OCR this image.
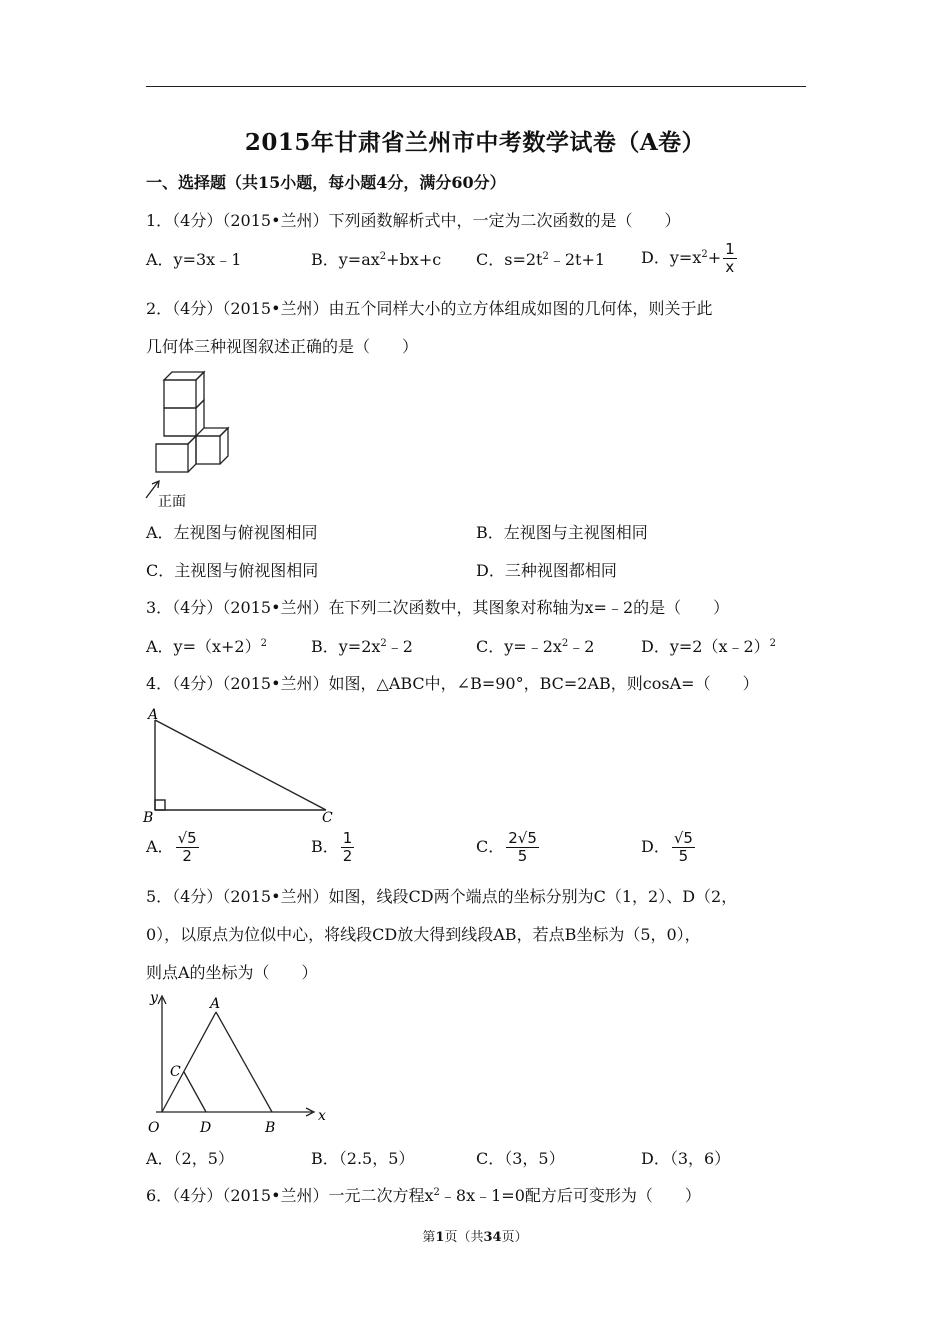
2015年甘肃省兰州市中考数学试卷（A卷）
一、选择题（共15小题，每小题4分，满分60分）
1．（4分）（2015•兰州）下列函数解析式中，一定为二次函数的是（　　）
A．y=3x﹣1	B．$y=ax^2+bx+c$ C．$s=2t^2﹣2t+1$ D．$y=x^2+ \frac{1}{x}$
2．（4分）（2015•兰州）由五个同样大小的立方体组成如图的几何体，则关于此
几何体三种视图叙述正确的是（　　）
正面
A．左视图与俯视图相同	B．左视图与主视图相同
C．主视图与俯视图相同	D．三种视图都相同
3．（4分）（2015•兰州）在下列二次函数中，其图象对称轴为x=﹣2的是（　　）
A．$y=(x+2)^2$	B．$y=2x^2﹣2$	C．$y=﹣2x^2﹣2$	D．y=2（x﹣2）$^2$
4．（4分）（2015•兰州）如图，△ABC中，∠B=90°，BC=2AB，则cosA=（　　）
A
B	C
A． $\frac{√5}{2}$	B． $\frac{1}{2}$	C． $\frac{2√5}{5}$	D． $\frac{√5}{5}$
5．（4分）（2015•兰州）如图，线段CD两个端点的坐标分别为C（1，2）、D（2，
0），以原点为位似中心，将线段CD放大得到线段AB，若点B坐标为（5，0），
则点A的坐标为（　　）
y
x
O
A
B
C
D
A．（2，5）	B．（2.5，5）	C．（3，5）	D．（3，6）
6．（4分）（2015•兰州）一元二次方程$x^2﹣8x﹣1=0$配方后可变形为（　　）
第1页（共34页）
